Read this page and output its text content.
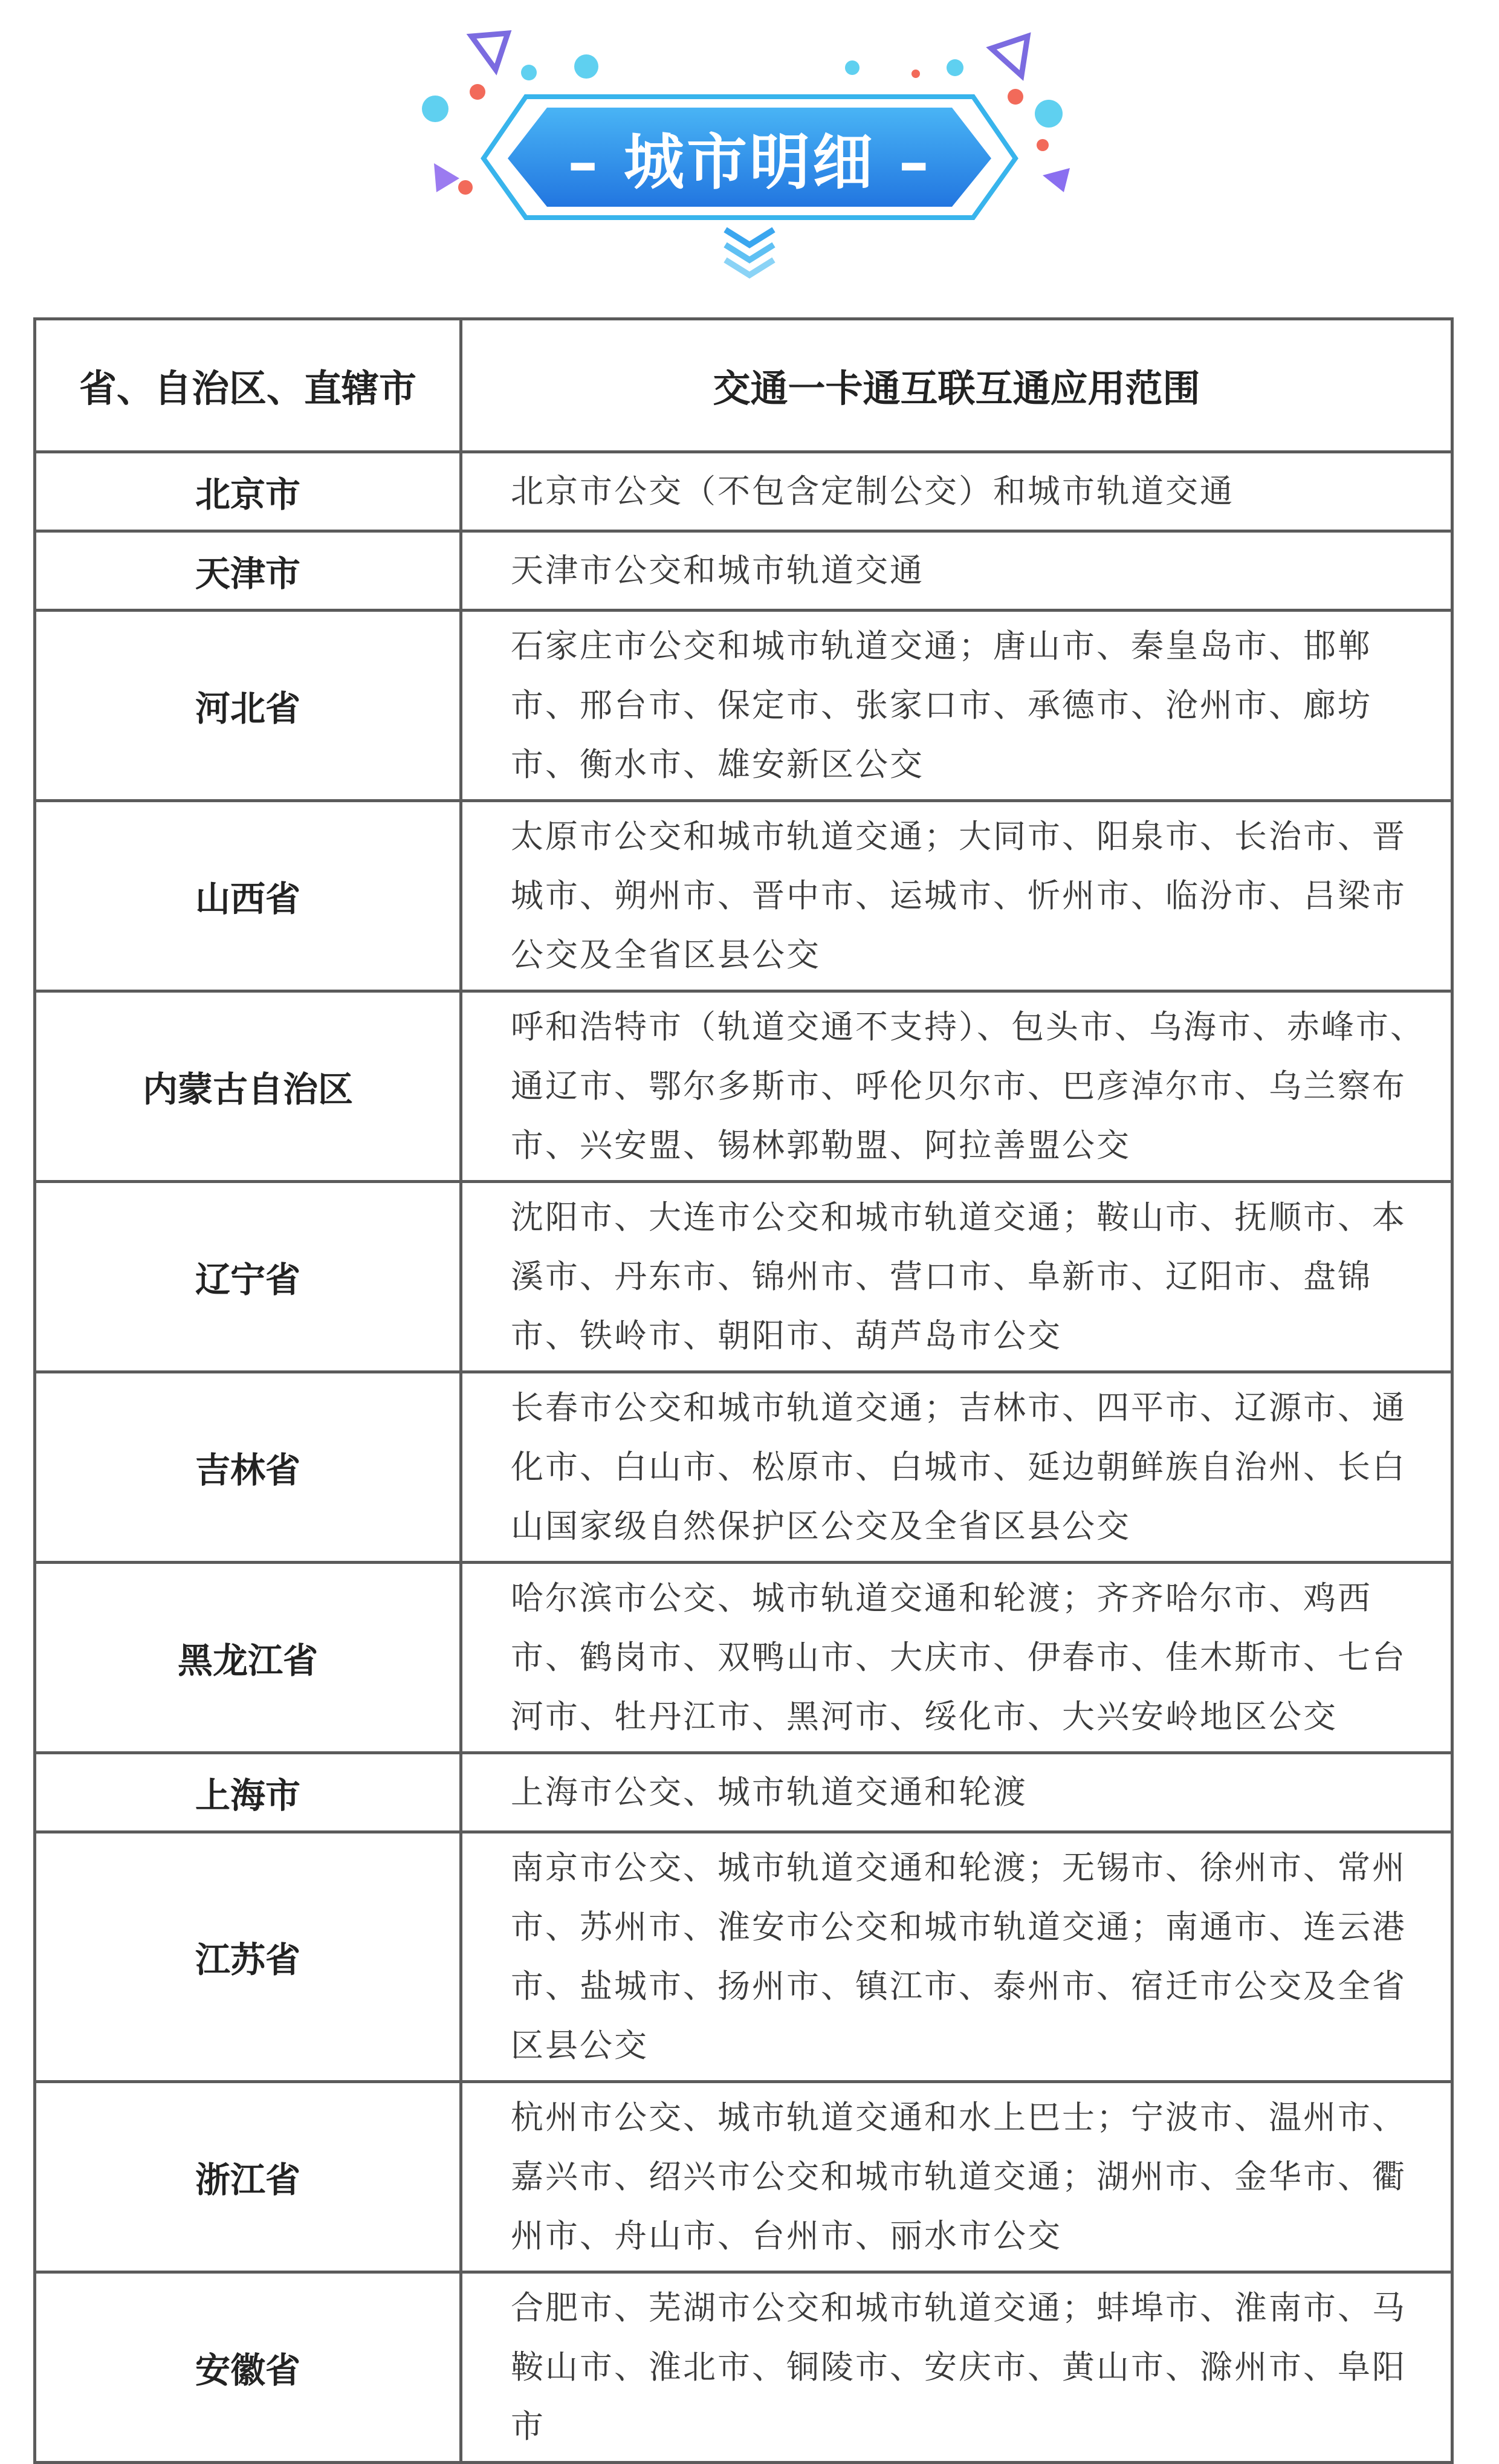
– 城市明细 –
省、自治区、直辖市	交通一卡通互联互通应用范围
北京市	北京市公交（不包含定制公交）和城市轨道交通
天津市	天津市公交和城市轨道交通
河北省	石家庄市公交和城市轨道交通；唐山市、秦皇岛市、邯郸市、邢台市、保定市、张家口市、承德市、沧州市、廊坊市、衡水市、雄安新区公交
山西省	太原市公交和城市轨道交通；大同市、阳泉市、长治市、晋城市、朔州市、晋中市、运城市、忻州市、临汾市、吕梁市公交及全省区县公交
内蒙古自治区	呼和浩特市（轨道交通不支持）、包头市、乌海市、赤峰市、通辽市、鄂尔多斯市、呼伦贝尔市、巴彦淖尔市、乌兰察布市、兴安盟、锡林郭勒盟、阿拉善盟公交
辽宁省	沈阳市、大连市公交和城市轨道交通；鞍山市、抚顺市、本溪市、丹东市、锦州市、营口市、阜新市、辽阳市、盘锦市、铁岭市、朝阳市、葫芦岛市公交
吉林省	长春市公交和城市轨道交通；吉林市、四平市、辽源市、通化市、白山市、松原市、白城市、延边朝鲜族自治州、长白山国家级自然保护区公交及全省区县公交
黑龙江省	哈尔滨市公交、城市轨道交通和轮渡；齐齐哈尔市、鸡西市、鹤岗市、双鸭山市、大庆市、伊春市、佳木斯市、七台河市、牡丹江市、黑河市、绥化市、大兴安岭地区公交
上海市	上海市公交、城市轨道交通和轮渡
江苏省	南京市公交、城市轨道交通和轮渡；无锡市、徐州市、常州市、苏州市、淮安市公交和城市轨道交通；南通市、连云港市、盐城市、扬州市、镇江市、泰州市、宿迁市公交及全省区县公交
浙江省	杭州市公交、城市轨道交通和水上巴士；宁波市、温州市、嘉兴市、绍兴市公交和城市轨道交通；湖州市、金华市、衢州市、舟山市、台州市、丽水市公交
安徽省	合肥市、芜湖市公交和城市轨道交通；蚌埠市、淮南市、马鞍山市、淮北市、铜陵市、安庆市、黄山市、滁州市、阜阳市
